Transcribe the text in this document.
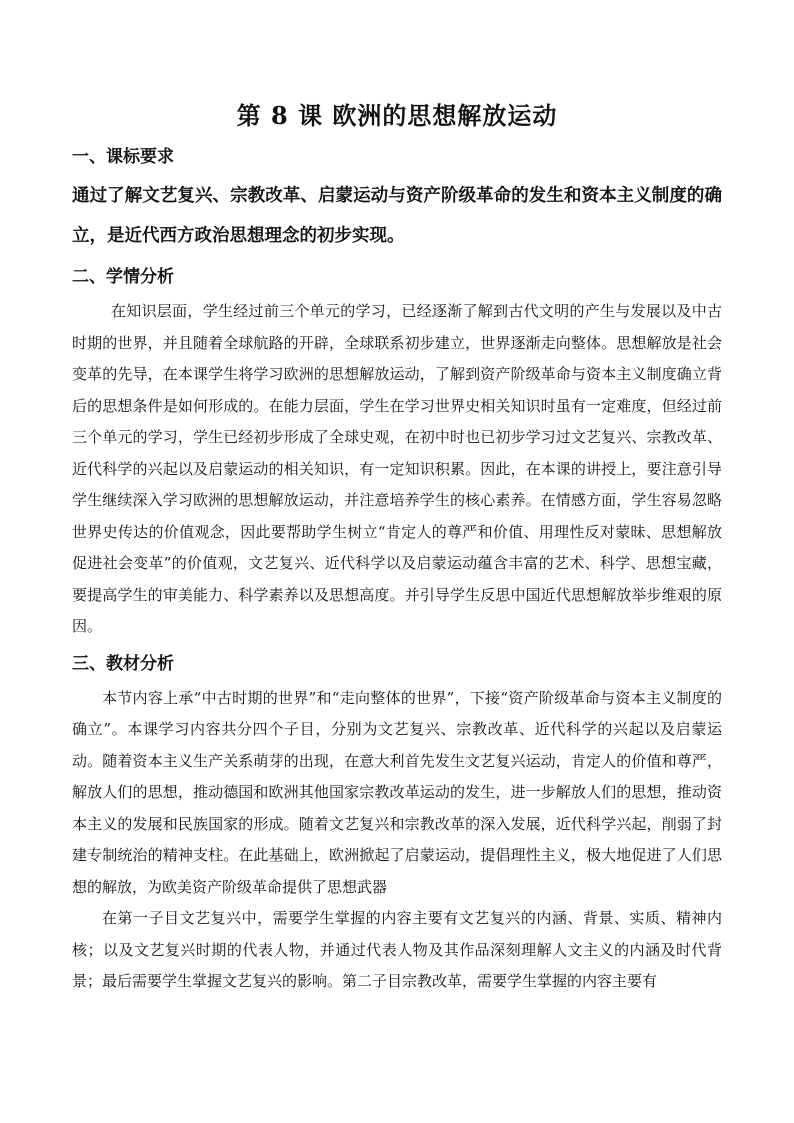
第 8 课 欧洲的思想解放运动
一、课标要求
通过了解文艺复兴、宗教改革、启蒙运动与资产阶级革命的发生和资本主义制度的确立，是近代西方政治思想理念的初步实现。
二、学情分析

在知识层面，学生经过前三个单元的学习，已经逐渐了解到古代文明的产生与发展以及中古时期的世界，并且随着全球航路的开辟，全球联系初步建立，世界逐渐走向整体。思想解放是社会变革的先导，在本课学生将学习欧洲的思想解放运动，了解到资产阶级革命与资本主义制度确立背后的思想条件是如何形成的。在能力层面，学生在学习世界史相关知识时虽有一定难度，但经过前三个单元的学习，学生已经初步形成了全球史观，在初中时也已初步学习过文艺复兴、宗教改革、近代科学的兴起以及启蒙运动的相关知识，有一定知识积累。因此，在本课的讲授上，要注意引导学生继续深入学习欧洲的思想解放运动，并注意培养学生的核心素养。在情感方面，学生容易忽略世界史传达的价值观念，因此要帮助学生树立“肯定人的尊严和价值、用理性反对蒙昧、思想解放促进社会变革”的价值观，文艺复兴、近代科学以及启蒙运动蕴含丰富的艺术、科学、思想宝藏，要提高学生的审美能力、科学素养以及思想高度。并引导学生反思中国近代思想解放举步维艰的原因。

三、教材分析

本节内容上承“中古时期的世界”和“走向整体的世界”，下接“资产阶级革命与资本主义制度的确立”。本课学习内容共分四个子目，分别为文艺复兴、宗教改革、近代科学的兴起以及启蒙运动。随着资本主义生产关系萌芽的出现，在意大利首先发生文艺复兴运动，肯定人的价值和尊严，解放人们的思想，推动德国和欧洲其他国家宗教改革运动的发生，进一步解放人们的思想，推动资本主义的发展和民族国家的形成。随着文艺复兴和宗教改革的深入发展，近代科学兴起，削弱了封建专制统治的精神支柱。在此基础上，欧洲掀起了启蒙运动，提倡理性主义，极大地促进了人们思想的解放，为欧美资产阶级革命提供了思想武器

在第一子目文艺复兴中，需要学生掌握的内容主要有文艺复兴的内涵、背景、实质、精神内核；以及文艺复兴时期的代表人物，并通过代表人物及其作品深刻理解人文主义的内涵及时代背景；最后需要学生掌握文艺复兴的影响。第二子目宗教改革，需要学生掌握的内容主要有
